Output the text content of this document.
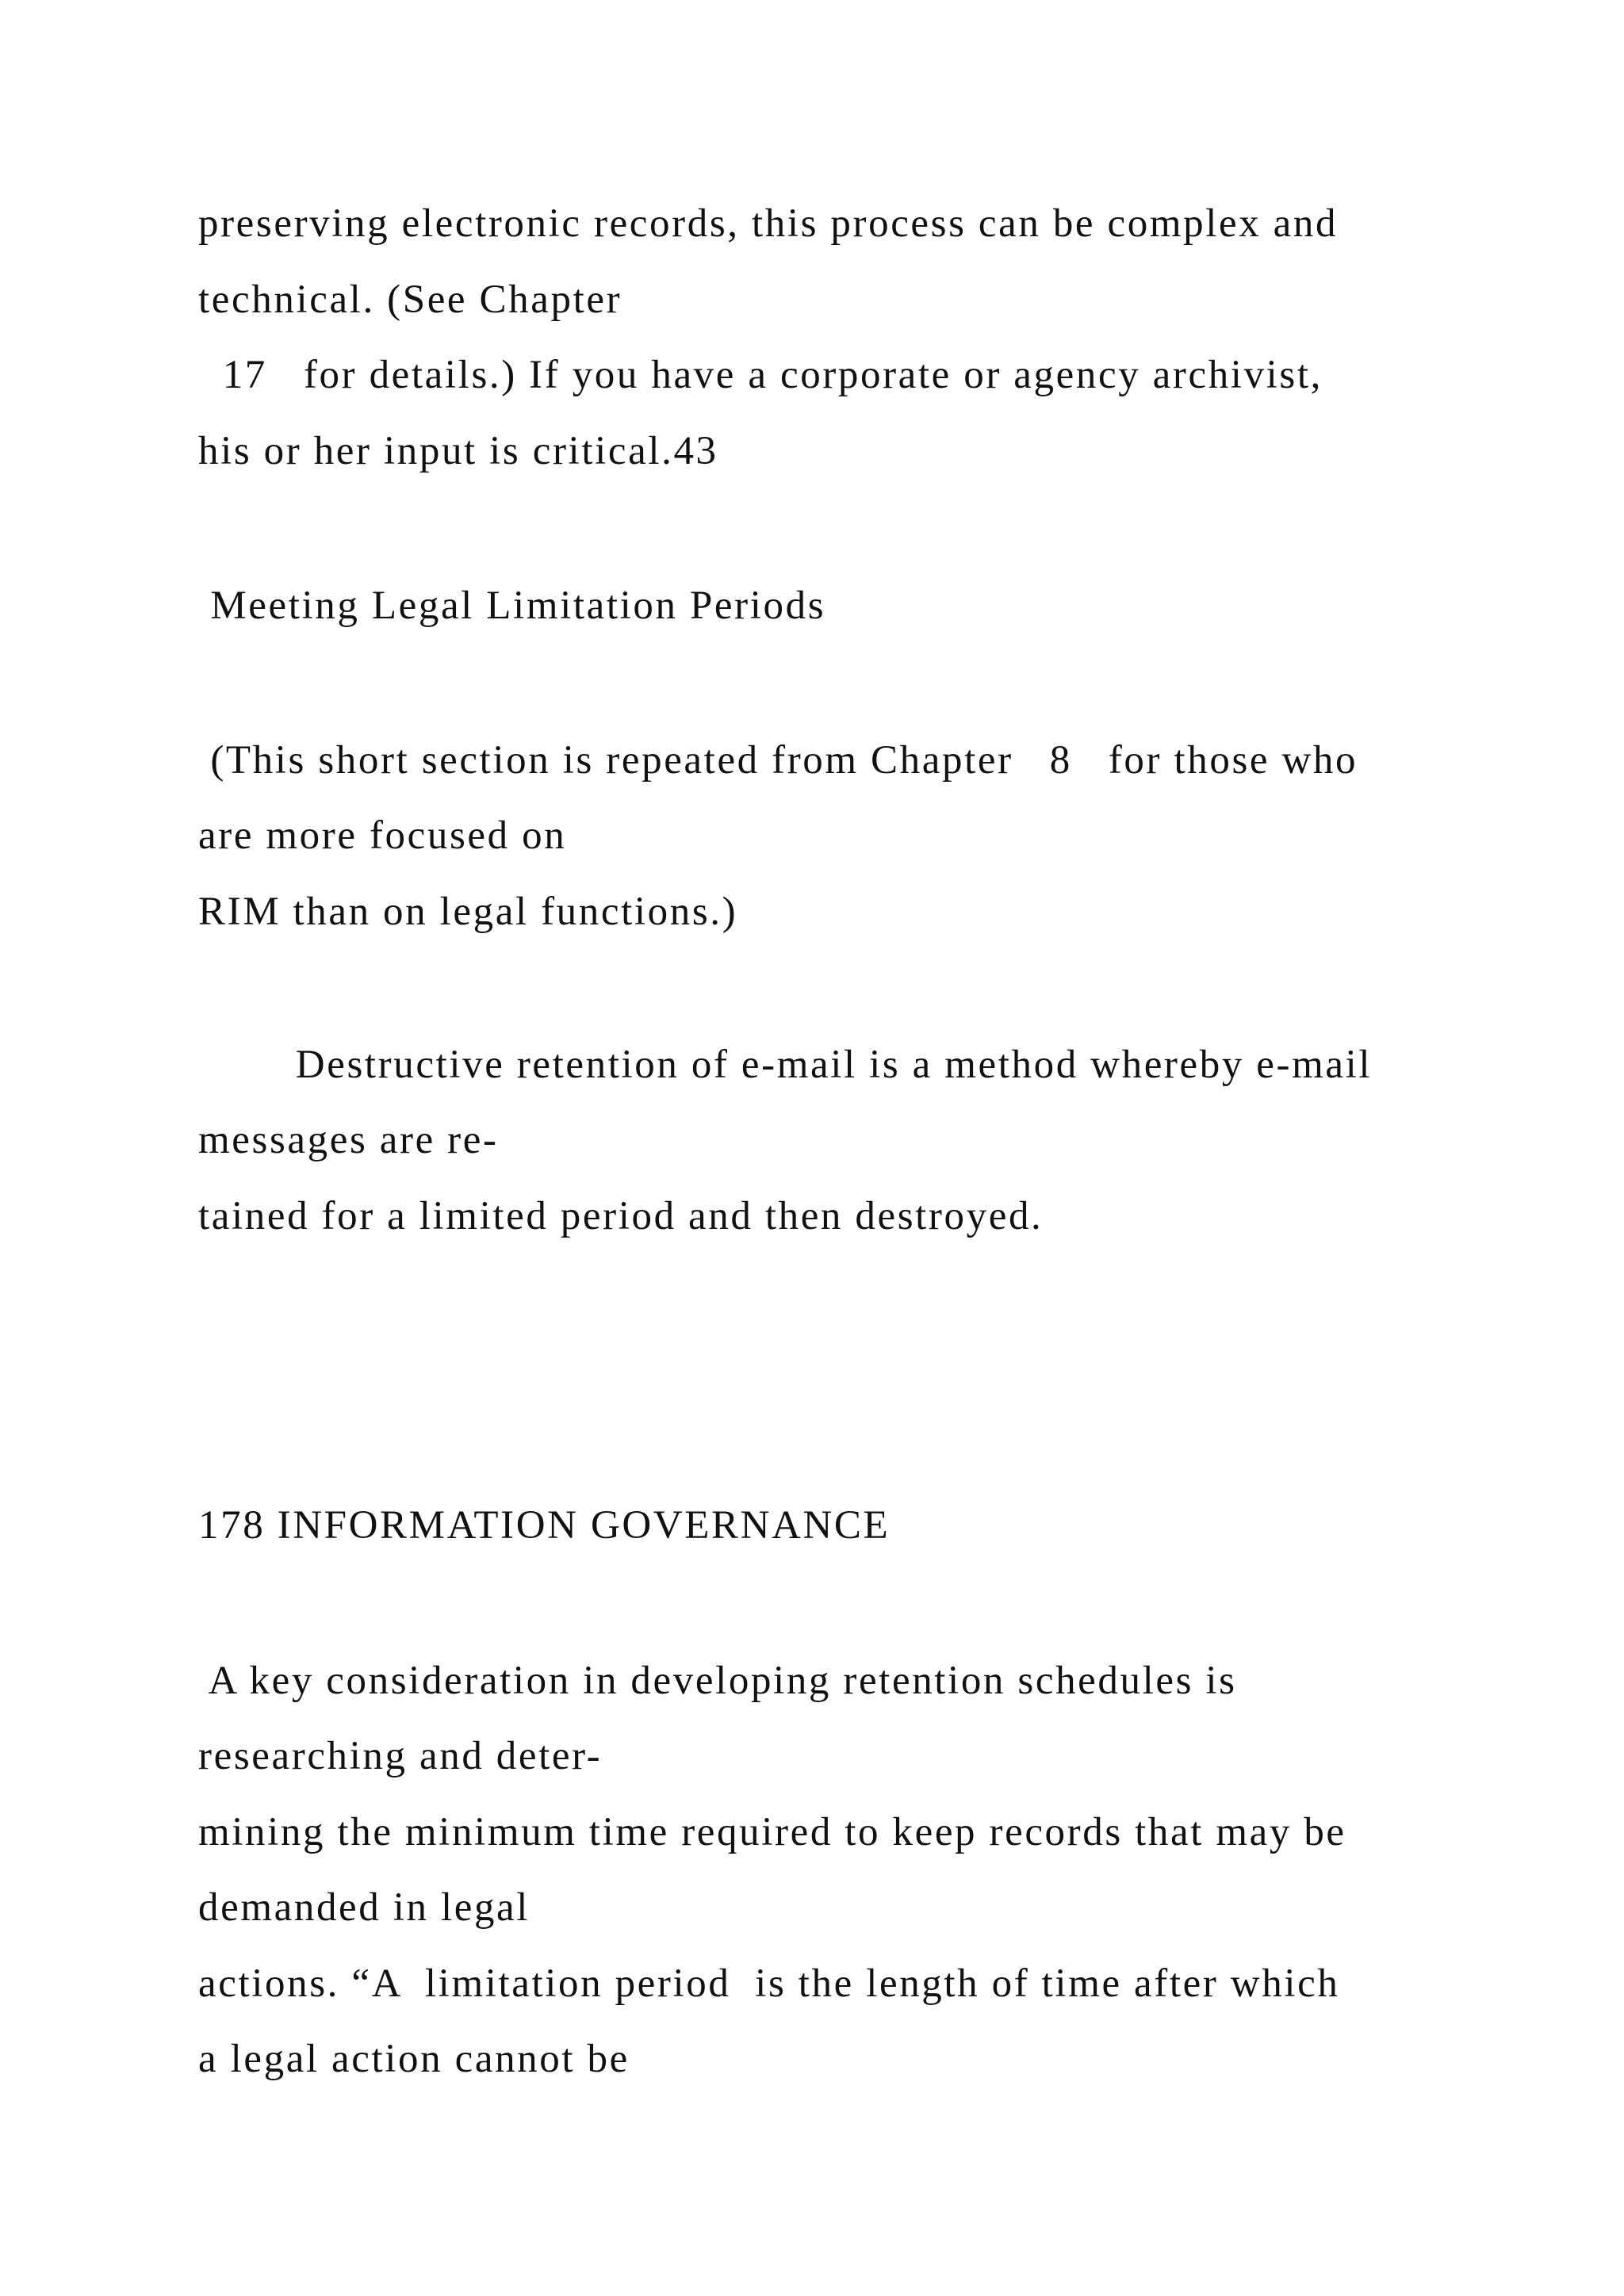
preserving electronic records, this process can be complex and

technical. (See Chapter

17   for details.) If you have a corporate or agency archivist,

his or her input is critical.43

Meeting Legal Limitation Periods

(This short section is repeated from Chapter   8   for those who

are more focused on

RIM than on legal functions.)

Destructive retention of e-mail is a method whereby e-mail

messages are re-

tained for a limited period and then destroyed.

178 INFORMATION GOVERNANCE

A key consideration in developing retention schedules is

researching and deter-

mining the minimum time required to keep records that may be

demanded in legal

actions. “A  limitation period  is the length of time after which

a legal action cannot be
